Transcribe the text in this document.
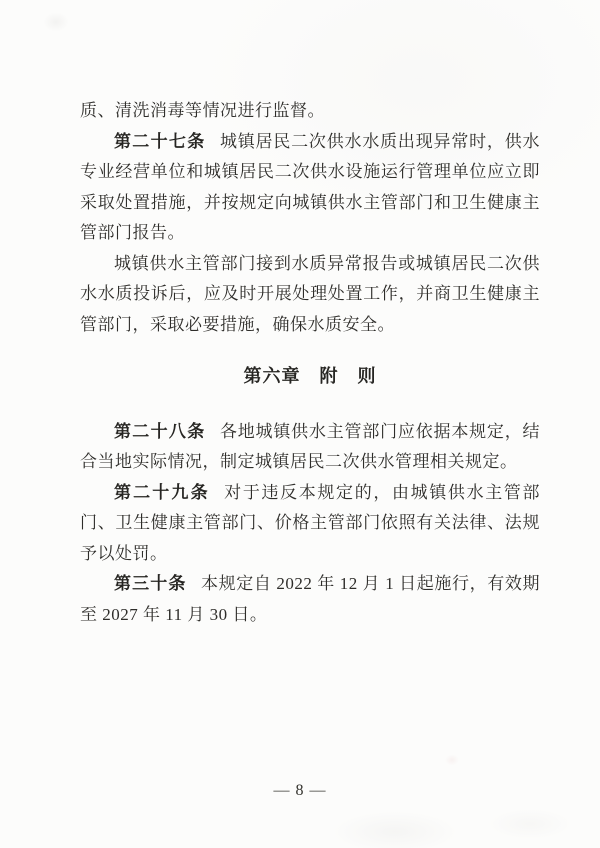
质、清洗消毒等情况进行监督。

第二十七条 城镇居民二次供水水质出现异常时，供水专业经营单位和城镇居民二次供水设施运行管理单位应立即采取处置措施，并按规定向城镇供水主管部门和卫生健康主管部门报告。

城镇供水主管部门接到水质异常报告或城镇居民二次供水水质投诉后，应及时开展处理处置工作，并商卫生健康主管部门，采取必要措施，确保水质安全。

第六章　附　则

第二十八条 各地城镇供水主管部门应依据本规定，结合当地实际情况，制定城镇居民二次供水管理相关规定。

第二十九条 对于违反本规定的，由城镇供水主管部门、卫生健康主管部门、价格主管部门依照有关法律、法规予以处罚。

第三十条 本规定自 2022 年 12 月 1 日起施行，有效期至 2027 年 11 月 30 日。

— 8 —
